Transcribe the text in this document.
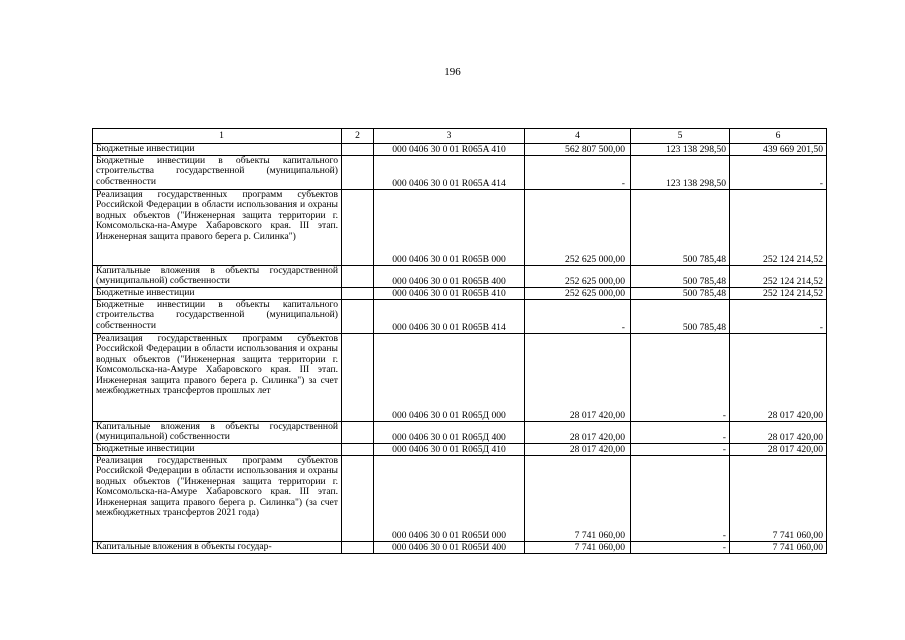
196
1	2	3	4	5	6
Бюджетные инвестиции		000 0406 30 0 01 R065A 410	562 807 500,00	123 138 298,50	439 669 201,50
Бюджетные инвестиции в объекты капитального строительства государственной (муниципальной) собственности		000 0406 30 0 01 R065A 414	-	123 138 298,50	-
Реализация государственных программ субъектов Российской Федерации в области использования и охраны водных объектов ("Инженерная защита территории г. Комсомольска-на-Амуре Хабаровского края. III этап. Инженерная защита правого берега р. Силинка")		000 0406 30 0 01 R065B 000	252 625 000,00	500 785,48	252 124 214,52
Капитальные вложения в объекты государственной (муниципальной) собственности		000 0406 30 0 01 R065B 400	252 625 000,00	500 785,48	252 124 214,52
Бюджетные инвестиции		000 0406 30 0 01 R065B 410	252 625 000,00	500 785,48	252 124 214,52
Бюджетные инвестиции в объекты капитального строительства государственной (муниципальной) собственности		000 0406 30 0 01 R065B 414	-	500 785,48	-
Реализация государственных программ субъектов Российской Федерации в области использования и охраны водных объектов ("Инженерная защита территории г. Комсомольска-на-Амуре Хабаровского края. III этап. Инженерная защита правого берега р. Силинка") за счет межбюджетных трансфертов прошлых лет		000 0406 30 0 01 R065Д 000	28 017 420,00	-	28 017 420,00
Капитальные вложения в объекты государственной (муниципальной) собственности		000 0406 30 0 01 R065Д 400	28 017 420,00	-	28 017 420,00
Бюджетные инвестиции		000 0406 30 0 01 R065Д 410	28 017 420,00	-	28 017 420,00
Реализация государственных программ субъектов Российской Федерации в области использования и охраны водных объектов ("Инженерная защита территории г. Комсомольска-на-Амуре Хабаровского края. III этап. Инженерная защита правого берега р. Силинка") (за счет межбюджетных трансфертов 2021 года)		000 0406 30 0 01 R065И 000	7 741 060,00	-	7 741 060,00
Капитальные вложения в объекты государ-		000 0406 30 0 01 R065И 400	7 741 060,00	-	7 741 060,00
